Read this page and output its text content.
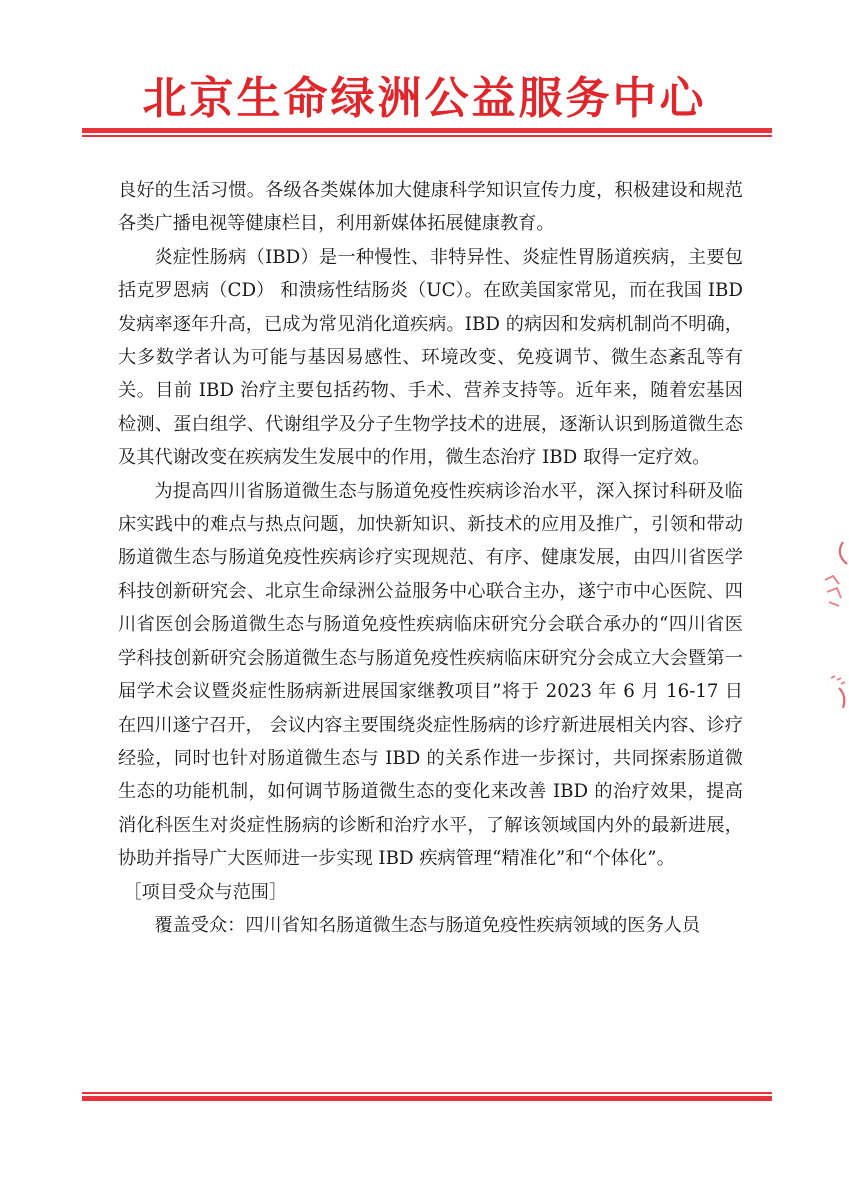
北京生命绿洲公益服务中心

良好的生活习惯。各级各类媒体加大健康科学知识宣传力度，积极建设和规范各类广播电视等健康栏目，利用新媒体拓展健康教育。

炎症性肠病（IBD）是一种慢性、非特异性、炎症性胃肠道疾病，主要包括克罗恩病（CD） 和溃疡性结肠炎（UC）。在欧美国家常见，而在我国 IBD 发病率逐年升高，已成为常见消化道疾病。IBD 的病因和发病机制尚不明确，大多数学者认为可能与基因易感性、环境改变、免疫调节、微生态紊乱等有关。目前 IBD 治疗主要包括药物、手术、营养支持等。近年来，随着宏基因检测、蛋白组学、代谢组学及分子生物学技术的进展，逐渐认识到肠道微生态及其代谢改变在疾病发生发展中的作用，微生态治疗 IBD 取得一定疗效。

为提高四川省肠道微生态与肠道免疫性疾病诊治水平，深入探讨科研及临床实践中的难点与热点问题，加快新知识、新技术的应用及推广，引领和带动肠道微生态与肠道免疫性疾病诊疗实现规范、有序、健康发展，由四川省医学科技创新研究会、北京生命绿洲公益服务中心联合主办，遂宁市中心医院、四川省医创会肠道微生态与肠道免疫性疾病临床研究分会联合承办的“四川省医学科技创新研究会肠道微生态与肠道免疫性疾病临床研究分会成立大会暨第一届学术会议暨炎症性肠病新进展国家继教项目”将于 2023 年 6 月 16-17 日在四川遂宁召开， 会议内容主要围绕炎症性肠病的诊疗新进展相关内容、诊疗经验，同时也针对肠道微生态与 IBD 的关系作进一步探讨，共同探索肠道微生态的功能机制，如何调节肠道微生态的变化来改善 IBD 的治疗效果，提高消化科医生对炎症性肠病的诊断和治疗水平，了解该领域国内外的最新进展，协助并指导广大医师进一步实现 IBD 疾病管理“精准化”和“个体化”。

［项目受众与范围］

覆盖受众：四川省知名肠道微生态与肠道免疫性疾病领域的医务人员
